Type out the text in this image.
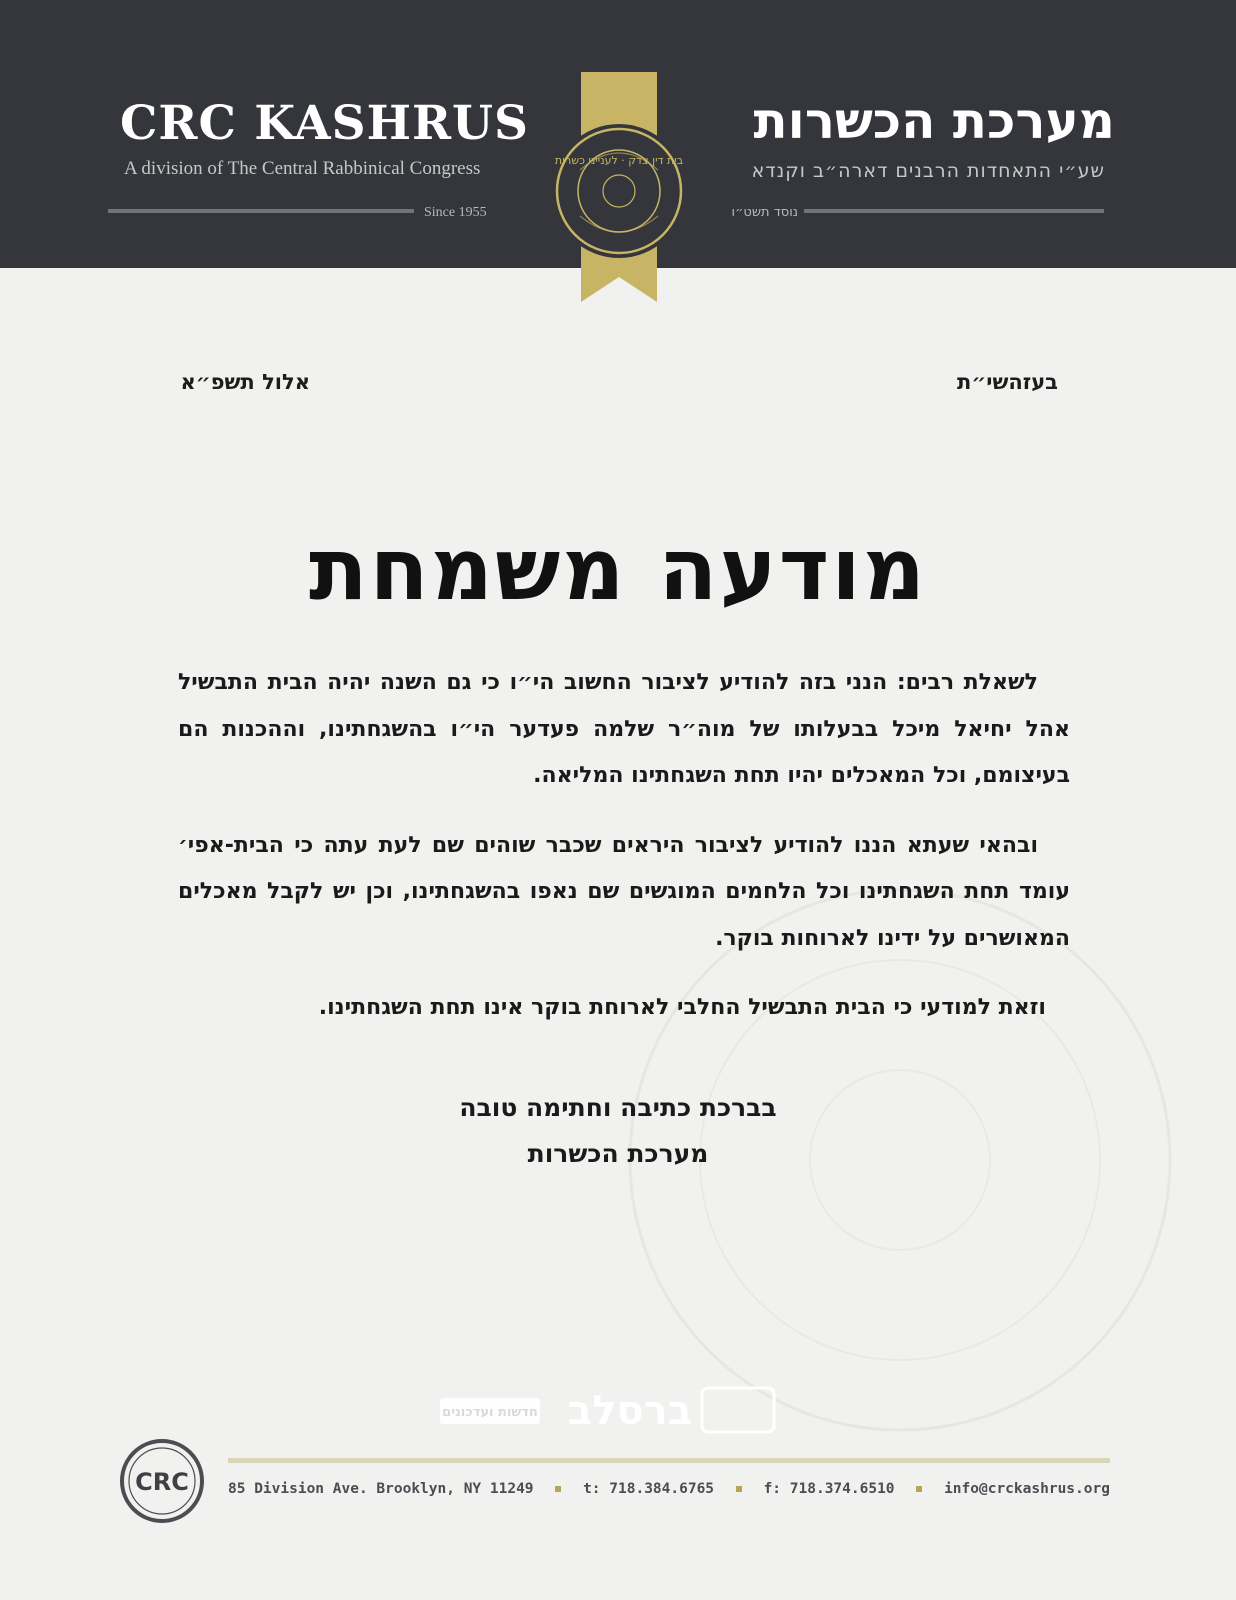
CRC KASHRUS
A division of The Central Rabbinical Congress
Since 1955
מערכת הכשרות
שע״י התאחדות הרבנים דארה״ב וקנדא
נוסד תשט״ו
בית דין צדק · לענייני כשרות
בעזהשי״ת
אלול תשפ״א
מודעה משמחת

לשאלת רבים: הנני בזה להודיע לציבור החשוב הי״ו כי גם השנה יהיה הבית התבשיל אהל יחיאל מיכל בבעלותו של מוה״ר שלמה פעדער הי״ו בהשגחתינו, וההכנות הם בעיצומם, וכל המאכלים יהיו תחת השגחתינו המליאה.

ובהאי שעתא הננו להודיע לציבור היראים שכבר שוהים שם לעת עתה כי הבית-אפי׳ עומד תחת השגחתינו וכל הלחמים המוגשים שם נאפו בהשגחתינו, וכן יש לקבל מאכלים המאושרים על ידינו לארוחות בוקר.

וזאת למודעי כי הבית התבשיל החלבי לארוחת בוקר אינו תחת השגחתינו.

בברכת כתיבה וחתימה טובה
מערכת הכשרות
ברסלב
חדשות ועדכונים
CRC	85 Division Ave. Brooklyn, NY 11249	t: 718.384.6765	f: 718.374.6510	info@crckashrus.org
